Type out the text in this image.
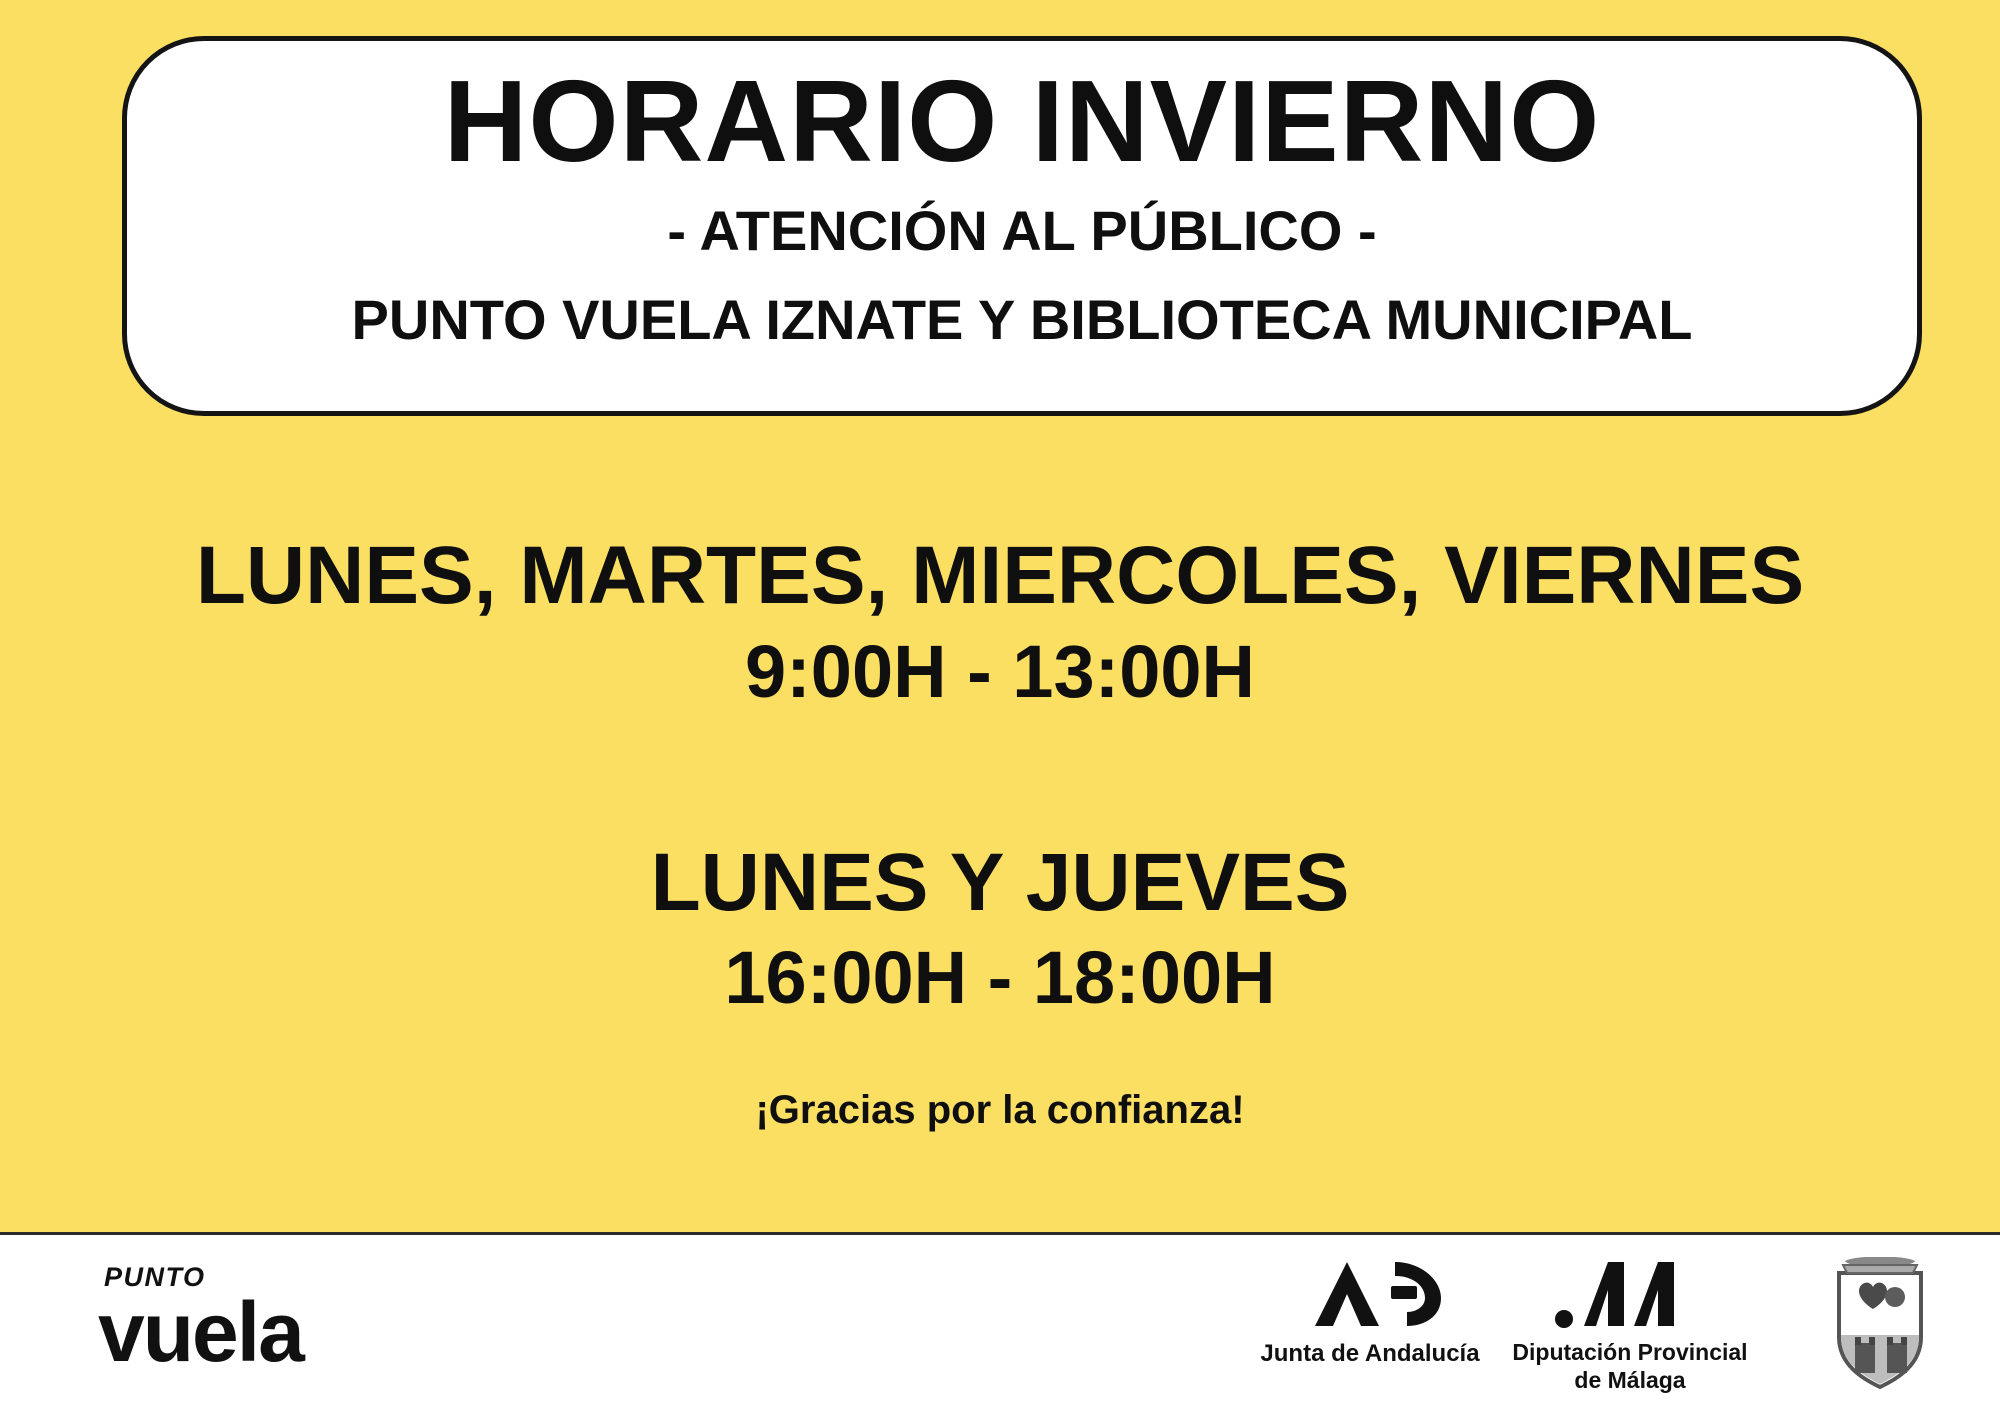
HORARIO INVIERNO
- ATENCIÓN AL PÚBLICO -
PUNTO VUELA IZNATE Y BIBLIOTECA MUNICIPAL
LUNES, MARTES, MIERCOLES, VIERNES
9:00H - 13:00H
LUNES Y JUEVES
16:00H - 18:00H
¡Gracias por la confianza!
PUNTO
vuela	Junta de Andalucía	Diputación Provincial
de Málaga
